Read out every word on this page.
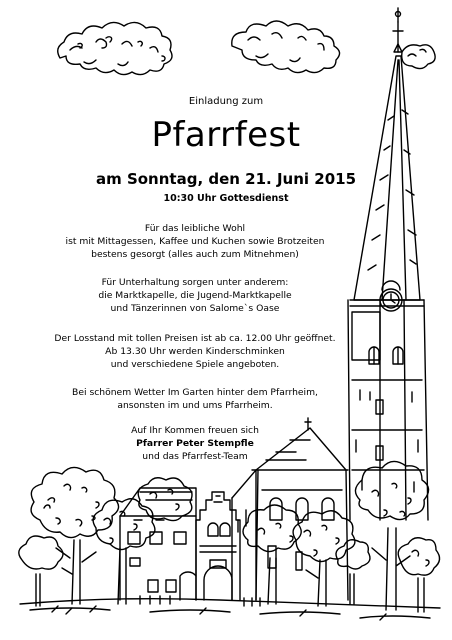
Einladung zum
Pfarrfest
am Sonntag, den 21. Juni 2015
10:30 Uhr Gottesdienst
Für das leibliche Wohl
ist mit Mittagessen, Kaffee und Kuchen sowie Brotzeiten
bestens gesorgt (alles auch zum Mitnehmen)
Für Unterhaltung sorgen unter anderem:
die Marktkapelle, die Jugend-Marktkapelle
und Tänzerinnen von Salome`s Oase
Der Losstand mit tollen Preisen ist ab ca. 12.00 Uhr geöffnet.
Ab 13.30 Uhr werden Kinderschminken
und verschiedene Spiele angeboten.
Bei schönem Wetter Im Garten hinter dem Pfarrheim,
ansonsten im und ums Pfarrheim.
Auf Ihr Kommen freuen sich
Pfarrer Peter Stempfle
und das Pfarrfest-Team
